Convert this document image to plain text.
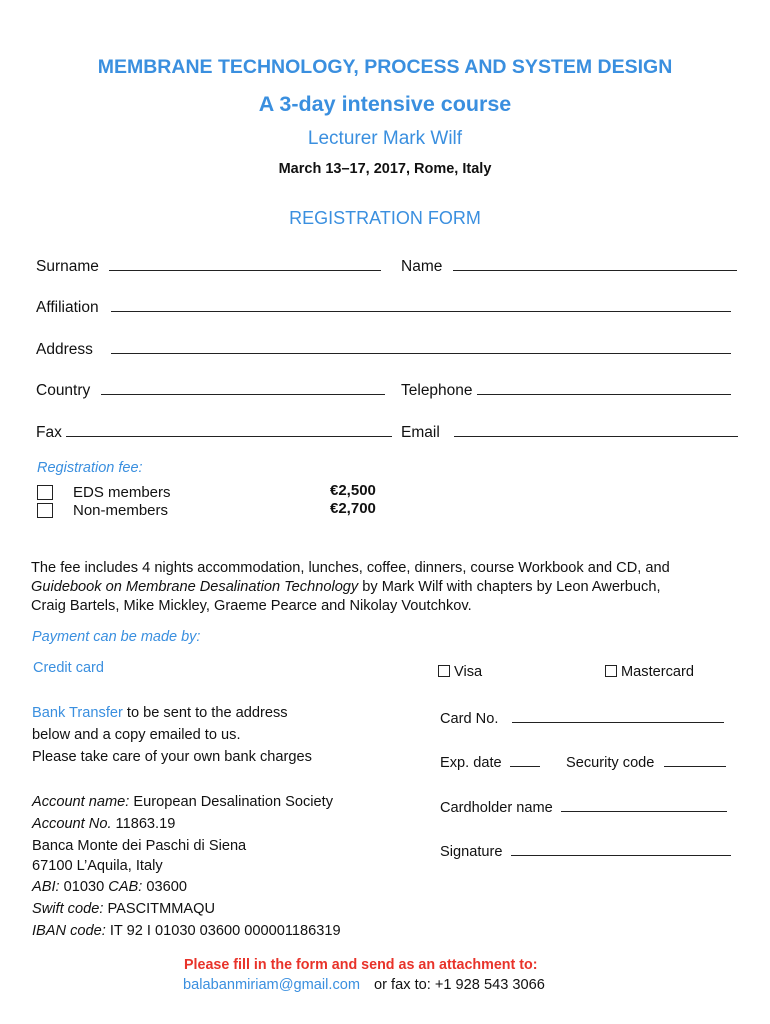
MEMBRANE TECHNOLOGY, PROCESS AND SYSTEM DESIGN
A 3-day intensive course
Lecturer Mark Wilf
March 13–17, 2017, Rome, Italy
REGISTRATION FORM
Surname	Name
Affiliation
Address
Country	Telephone
Fax	Email
Registration fee:
EDS members	€2,500
Non-members	€2,700
The fee includes 4 nights accommodation, lunches, coffee, dinners, course Workbook and CD, and
Guidebook on Membrane Desalination Technology by Mark Wilf with chapters by Leon Awerbuch,
Craig Bartels, Mike Mickley, Graeme Pearce and Nikolay Voutchkov.
Payment can be made by:
Credit card	Visa	Mastercard
Bank Transfer to be sent to the address
below and a copy emailed to us.
Please take care of your own bank charges
Card No.
Exp. date	Security code
Cardholder name
Signature
Account name: European Desalination Society
Account No. 11863.19
Banca Monte dei Paschi di Siena
67100 L’Aquila, Italy
ABI: 01030 CAB: 03600
Swift code: PASCITMMAQU
IBAN code: IT 92 I 01030 03600 000001186319
Please fill in the form and send as an attachment to:
balabanmiriam@gmail.com or fax to: +1 928 543 3066
